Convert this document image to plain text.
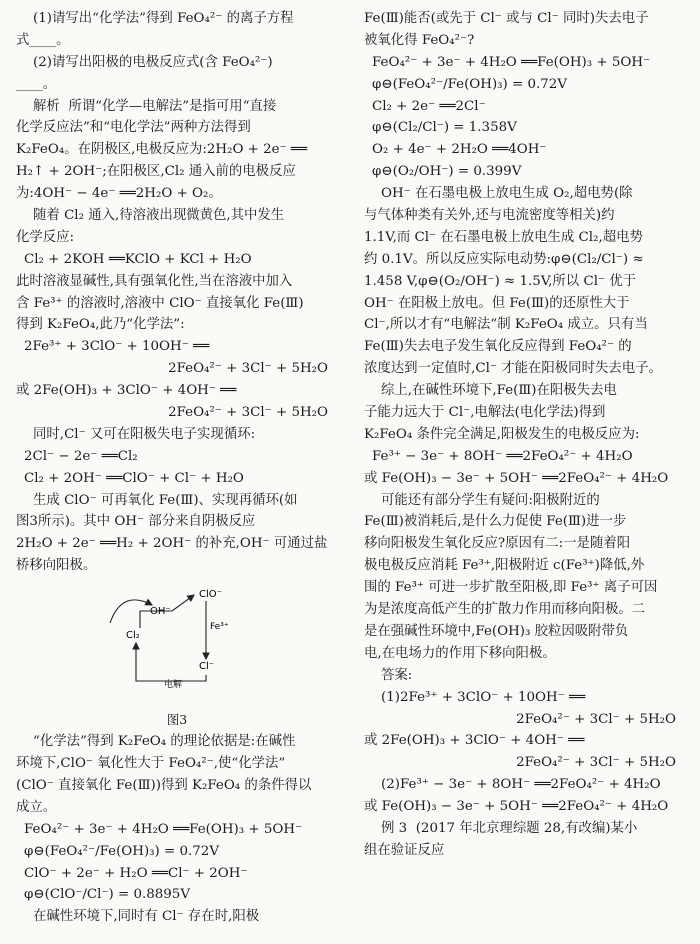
(1)请写出“化学法”得到 FeO₄²⁻ 的离子方程
式____。
(2)请写出阳极的电极反应式(含 FeO₄²⁻)
____。
解析  所谓“化学—电解法”是指可用“直接
化学反应法”和“电化学法”两种方法得到
K₂FeO₄。在阴极区,电极反应为:2H₂O + 2e⁻ ══
H₂↑ + 2OH⁻;在阳极区,Cl₂ 通入前的电极反应
为:4OH⁻ − 4e⁻ ══2H₂O + O₂。
随着 Cl₂ 通入,待溶液出现微黄色,其中发生
化学反应:
Cl₂ + 2KOH ══KClO + KCl + H₂O
此时溶液显碱性,具有强氧化性,当在溶液中加入
含 Fe³⁺ 的溶液时,溶液中 ClO⁻ 直接氧化 Fe(Ⅲ)
得到 K₂FeO₄,此乃“化学法”:
2Fe³⁺ + 3ClO⁻ + 10OH⁻ ══
2FeO₄²⁻ + 3Cl⁻ + 5H₂O
或 2Fe(OH)₃ + 3ClO⁻ + 4OH⁻ ══
2FeO₄²⁻ + 3Cl⁻ + 5H₂O
同时,Cl⁻ 又可在阳极失电子实现循环:
2Cl⁻ − 2e⁻ ══Cl₂
Cl₂ + 2OH⁻ ══ClO⁻ + Cl⁻ + H₂O
生成 ClO⁻ 可再氧化 Fe(Ⅲ)、实现再循环(如
图3所示)。其中 OH⁻ 部分来自阴极反应
2H₂O + 2e⁻ ══H₂ + 2OH⁻ 的补充,OH⁻ 可通过盐
桥移向阳极。
OH⁻
Cl₂
ClO⁻
Fe³⁺
Cl⁻
电解
图3
“化学法”得到 K₂FeO₄ 的理论依据是:在碱性
环境下,ClO⁻ 氧化性大于 FeO₄²⁻,使“化学法”
(ClO⁻ 直接氧化 Fe(Ⅲ))得到 K₂FeO₄ 的条件得以
成立。
FeO₄²⁻ + 3e⁻ + 4H₂O ══Fe(OH)₃ + 5OH⁻
φ⊖(FeO₄²⁻/Fe(OH)₃) = 0.72V
ClO⁻ + 2e⁻ + H₂O ══Cl⁻ + 2OH⁻
φ⊖(ClO⁻/Cl⁻) = 0.8895V
在碱性环境下,同时有 Cl⁻ 存在时,阳极
Fe(Ⅲ)能否(或先于 Cl⁻ 或与 Cl⁻ 同时)失去电子
被氧化得 FeO₄²⁻?
FeO₄²⁻ + 3e⁻ + 4H₂O ══Fe(OH)₃ + 5OH⁻
φ⊖(FeO₄²⁻/Fe(OH)₃) = 0.72V
Cl₂ + 2e⁻ ══2Cl⁻
φ⊖(Cl₂/Cl⁻) = 1.358V
O₂ + 4e⁻ + 2H₂O ══4OH⁻
φ⊖(O₂/OH⁻) = 0.399V
OH⁻ 在石墨电极上放电生成 O₂,超电势(除
与气体种类有关外,还与电流密度等相关)约
1.1V,而 Cl⁻ 在石墨电极上放电生成 Cl₂,超电势
约 0.1V。所以反应实际电动势:φ⊖(Cl₂/Cl⁻) ≈
1.458 V,φ⊖(O₂/OH⁻) ≈ 1.5V,所以 Cl⁻ 优于
OH⁻ 在阳极上放电。但 Fe(Ⅲ)的还原性大于
Cl⁻,所以才有“电解法”制 K₂FeO₄ 成立。只有当
Fe(Ⅲ)失去电子发生氧化反应得到 FeO₄²⁻ 的
浓度达到一定值时,Cl⁻ 才能在阳极同时失去电子。
综上,在碱性环境下,Fe(Ⅲ)在阳极失去电
子能力远大于 Cl⁻,电解法(电化学法)得到
K₂FeO₄ 条件完全满足,阳极发生的电极反应为:
Fe³⁺ − 3e⁻ + 8OH⁻ ══2FeO₄²⁻ + 4H₂O
或 Fe(OH)₃ − 3e⁻ + 5OH⁻ ══2FeO₄²⁻ + 4H₂O
可能还有部分学生有疑问:阳极附近的
Fe(Ⅲ)被消耗后,是什么力促使 Fe(Ⅲ)进一步
移向阳极发生氧化反应?原因有二:一是随着阳
极电极反应消耗 Fe³⁺,阳极附近 c(Fe³⁺)降低,外
围的 Fe³⁺ 可进一步扩散至阳极,即 Fe³⁺ 离子可因
为是浓度高低产生的扩散力作用而移向阳极。二
是在强碱性环境中,Fe(OH)₃ 胶粒因吸附带负
电,在电场力的作用下移向阳极。
答案:
(1)2Fe³⁺ + 3ClO⁻ + 10OH⁻ ══
2FeO₄²⁻ + 3Cl⁻ + 5H₂O
或 2Fe(OH)₃ + 3ClO⁻ + 4OH⁻ ══
2FeO₄²⁻ + 3Cl⁻ + 5H₂O
(2)Fe³⁺ − 3e⁻ + 8OH⁻ ══2FeO₄²⁻ + 4H₂O
或 Fe(OH)₃ − 3e⁻ + 5OH⁻ ══2FeO₄²⁻ + 4H₂O
例 3  (2017 年北京理综题 28,有改编)某小
组在验证反应
